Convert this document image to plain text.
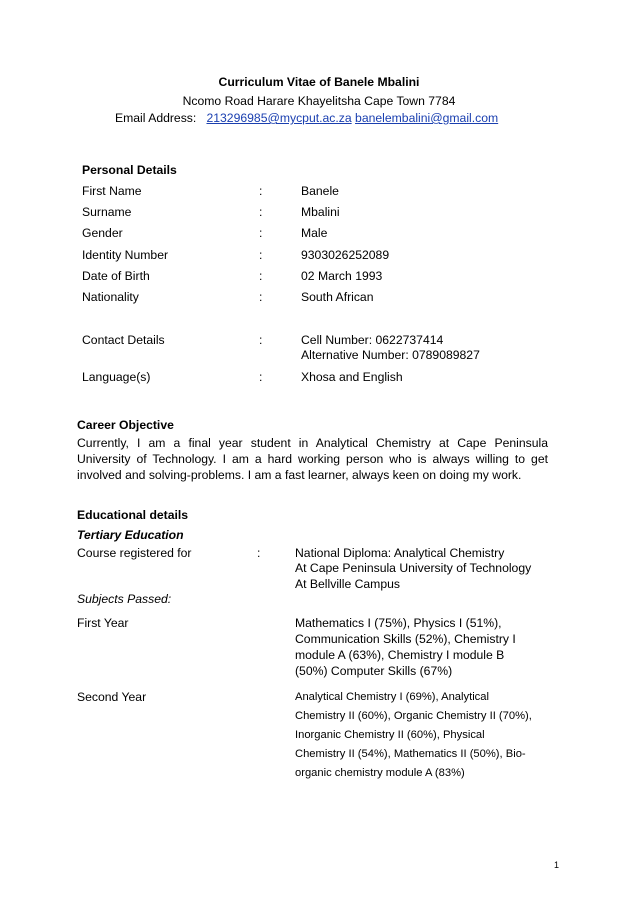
Curriculum Vitae of Banele Mbalini
Ncomo Road Harare Khayelitsha Cape Town 7784
Email Address: 213296985@mycput.ac.za banelembalini@gmail.com
Personal Details
First Name	:	Banele
Surname	:	Mbalini
Gender	:	Male
Identity Number	:	9303026252089
Date of Birth	:	02 March 1993
Nationality	:	South African
Contact Details	:	Cell Number: 0622737414
Alternative Number: 0789089827
Language(s)	:	Xhosa and English
Career Objective
Currently, I am a final year student in Analytical Chemistry at Cape Peninsula
University of Technology. I am a hard working person who is always willing to get
involved and solving-problems. I am a fast learner, always keen on doing my work.
Educational details
Tertiary Education
Course registered for	:	National Diploma: Analytical Chemistry
At Cape Peninsula University of Technology
At Bellville Campus
Subjects Passed:
First Year	Mathematics I (75%), Physics I (51%),
Communication Skills (52%), Chemistry I
module A (63%), Chemistry I module B
(50%) Computer Skills (67%)
Second Year	Analytical Chemistry I (69%), Analytical
Chemistry II (60%), Organic Chemistry II (70%),
Inorganic Chemistry II (60%), Physical
Chemistry II (54%), Mathematics II (50%), Bio-
organic chemistry module A (83%)
1
